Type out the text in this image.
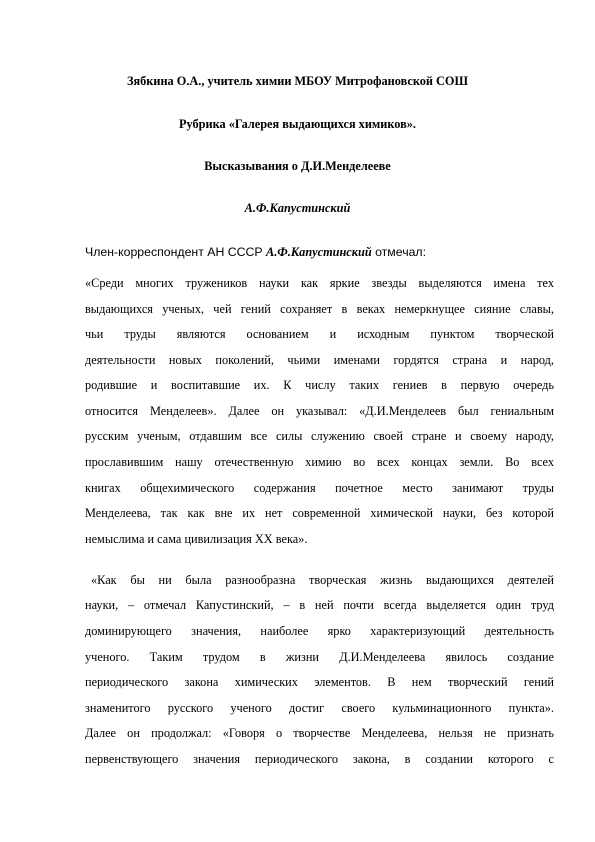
Зябкина О.А., учитель химии МБОУ Митрофановской СОШ
Рубрика «Галерея выдающихся химиков».
Высказывания о Д.И.Менделееве
А.Ф.Капустинский
Член-корреспондент АН СССР А.Ф.Капустинский отмечал:
«Среди многих тружеников науки как яркие звезды выделяются имена тех
выдающихся ученых, чей гений сохраняет в веках немеркнущее сияние славы,
чьи труды являются основанием и исходным пунктом творческой
деятельности новых поколений, чьими именами гордятся страна и народ,
родившие и воспитавшие их. К числу таких гениев в первую очередь
относится Менделеев». Далее он указывал: «Д.И.Менделеев был гениальным
русским ученым, отдавшим все силы служению своей стране и своему народу,
прославившим нашу отечественную химию во всех концах земли. Во всех
книгах общехимического содержания почетное место занимают труды
Менделеева, так как вне их нет современной химической науки, без которой
немыслима и сама цивилизация XX века».
«Как бы ни была разнообразна творческая жизнь выдающихся деятелей
науки, – отмечал Капустинский, – в ней почти всегда выделяется один труд
доминирующего значения, наиболее ярко характеризующий деятельность
ученого. Таким трудом в жизни Д.И.Менделеева явилось создание
периодического закона химических элементов. В нем творческий гений
знаменитого русского ученого достиг своего кульминационного пункта».
Далее он продолжал: «Говоря о творчестве Менделеева, нельзя не признать
первенствующего значения периодического закона, в создании которого с
